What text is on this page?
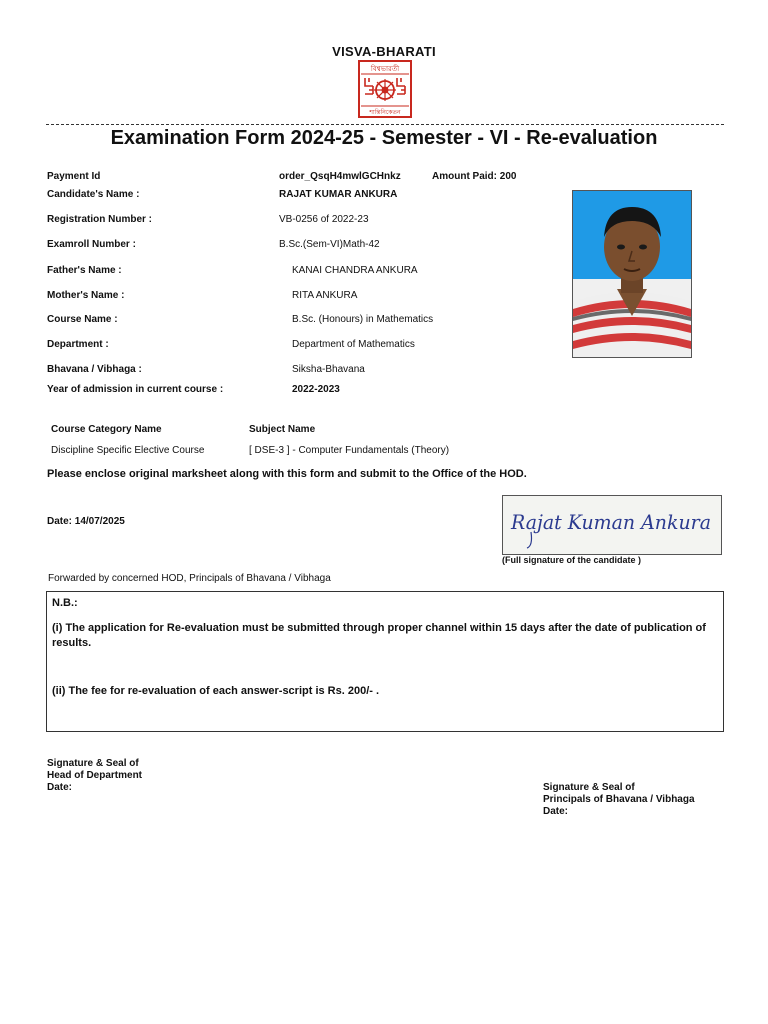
VISVA-BHARATI
বিশ্বভারতী
শান্তিনিকেতন
Examination Form 2024-25 - Semester - VI - Re-evaluation
Payment Id	order_QsqH4mwlGCHnkz	Amount Paid: 200
Candidate's Name :	RAJAT KUMAR ANKURA
Registration Number :	VB-0256 of 2022-23
Examroll Number :	B.Sc.(Sem-VI)Math-42
Father's Name :	KANAI CHANDRA ANKURA
Mother's Name :	RITA ANKURA
Course Name :	B.Sc. (Honours) in Mathematics
Department :	Department of Mathematics
Bhavana / Vibhaga :	Siksha-Bhavana
Year of admission in current course :	2022-2023
Course Category Name	Subject Name
Discipline Specific Elective Course	[ DSE-3 ] - Computer Fundamentals (Theory)
Please enclose original marksheet along with this form and submit to the Office of the HOD.
Date: 14/07/2025	Rajat Kuman Ankura
(Full signature of the candidate )
Forwarded by concerned HOD, Principals of Bhavana / Vibhaga
N.B.:
(i) The application for Re-evaluation must be submitted through proper channel within 15 days after the date of publication of results.
(ii) The fee for re-evaluation of each answer-script is Rs. 200/- .
Signature & Seal of
Head of Department
Date:	Signature & Seal of
Principals of Bhavana / Vibhaga
Date:
